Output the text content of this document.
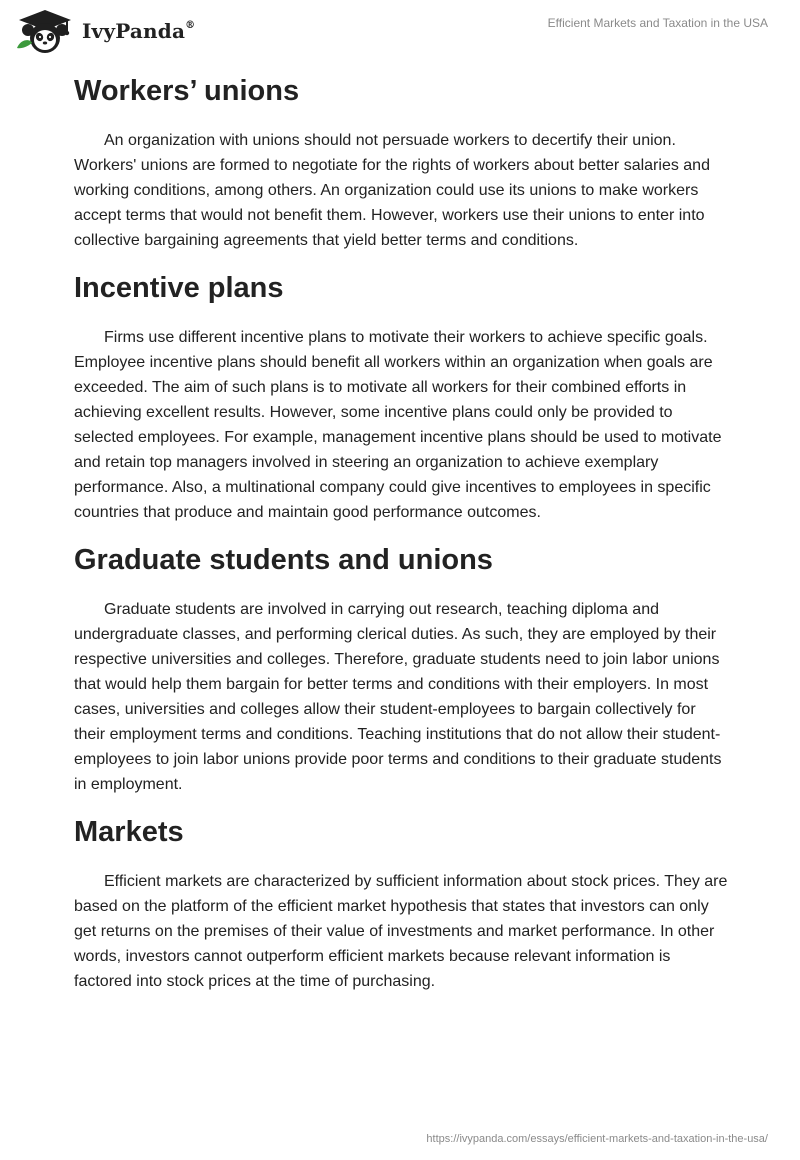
IvyPanda®	Efficient Markets and Taxation in the USA
Workers’ unions

An organization with unions should not persuade workers to decertify their union. Workers' unions are formed to negotiate for the rights of workers about better salaries and working conditions, among others. An organization could use its unions to make workers accept terms that would not benefit them. However, workers use their unions to enter into collective bargaining agreements that yield better terms and conditions.

Incentive plans

Firms use different incentive plans to motivate their workers to achieve specific goals. Employee incentive plans should benefit all workers within an organization when goals are exceeded. The aim of such plans is to motivate all workers for their combined efforts in achieving excellent results. However, some incentive plans could only be provided to selected employees. For example, management incentive plans should be used to motivate and retain top managers involved in steering an organization to achieve exemplary performance. Also, a multinational company could give incentives to employees in specific countries that produce and maintain good performance outcomes.

Graduate students and unions

Graduate students are involved in carrying out research, teaching diploma and undergraduate classes, and performing clerical duties. As such, they are employed by their respective universities and colleges. Therefore, graduate students need to join labor unions that would help them bargain for better terms and conditions with their employers. In most cases, universities and colleges allow their student-employees to bargain collectively for their employment terms and conditions. Teaching institutions that do not allow their student-employees to join labor unions provide poor terms and conditions to their graduate students in employment.

Markets

Efficient markets are characterized by sufficient information about stock prices. They are based on the platform of the efficient market hypothesis that states that investors can only get returns on the premises of their value of investments and market performance. In other words, investors cannot outperform efficient markets because relevant information is factored into stock prices at the time of purchasing.

https://ivypanda.com/essays/efficient-markets-and-taxation-in-the-usa/
